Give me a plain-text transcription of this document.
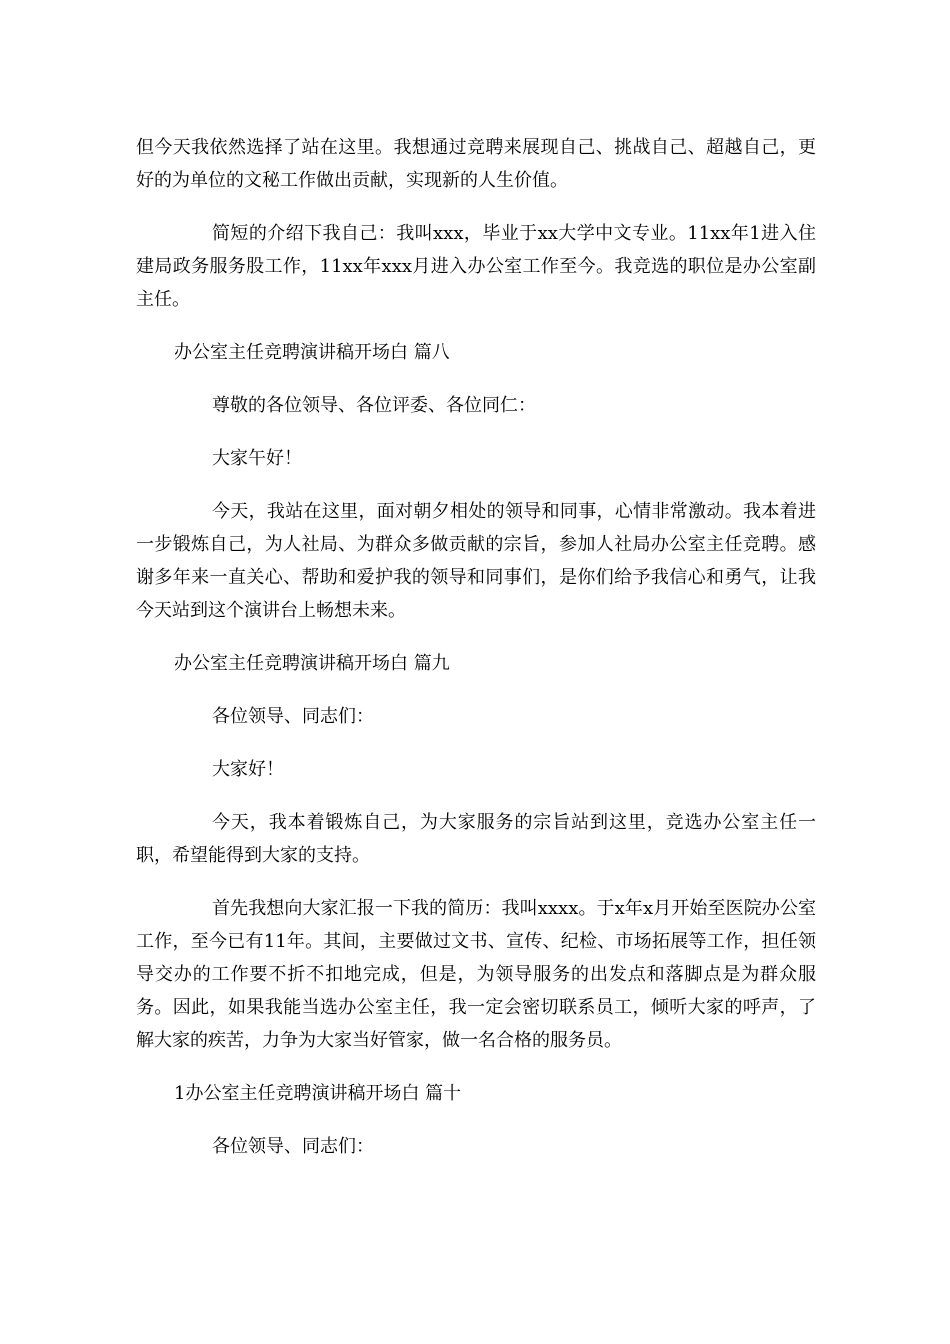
但今天我依然选择了站在这里。我想通过竞聘来展现自己、挑战自己、超越自己，更好的为单位的文秘工作做出贡献，实现新的人生价值。

简短的介绍下我自己：我叫xxx，毕业于xx大学中文专业。11xx年1进入住建局政务服务股工作，11xx年xxx月进入办公室工作至今。我竞选的职位是办公室副主任。

办公室主任竞聘演讲稿开场白 篇八

尊敬的各位领导、各位评委、各位同仁：

大家午好！

今天，我站在这里，面对朝夕相处的领导和同事，心情非常激动。我本着进一步锻炼自己，为人社局、为群众多做贡献的宗旨，参加人社局办公室主任竞聘。感谢多年来一直关心、帮助和爱护我的领导和同事们，是你们给予我信心和勇气，让我今天站到这个演讲台上畅想未来。

办公室主任竞聘演讲稿开场白 篇九

各位领导、同志们：

大家好！

今天，我本着锻炼自己，为大家服务的宗旨站到这里，竞选办公室主任一职，希望能得到大家的支持。

首先我想向大家汇报一下我的简历：我叫xxxx。于x年x月开始至医院办公室工作，至今已有11年。其间，主要做过文书、宣传、纪检、市场拓展等工作，担任领导交办的工作要不折不扣地完成，但是，为领导服务的出发点和落脚点是为群众服务。因此，如果我能当选办公室主任，我一定会密切联系员工，倾听大家的呼声，了解大家的疾苦，力争为大家当好管家，做一名合格的服务员。

1办公室主任竞聘演讲稿开场白 篇十

各位领导、同志们：
